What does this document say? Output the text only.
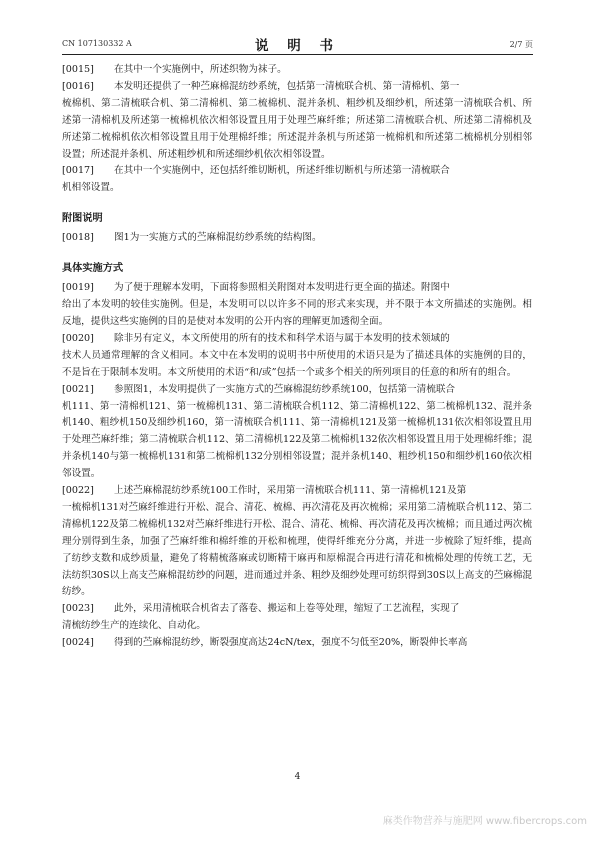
CN 107130332 A	说 明 书	2/7 页
[0015]	在其中一个实施例中，所述织物为袜子。
[0016]	本发明还提供了一种苎麻棉混纺纱系统，包括第一清梳联合机、第一清棉机、第一
梳棉机、第二清梳联合机、第二清棉机、第二梳棉机、混并条机、粗纱机及细纱机，所述第一清梳联合机、所述第一清棉机及所述第一梳棉机依次相邻设置且用于处理苎麻纤维；所述第二清梳联合机、所述第二清棉机及所述第二梳棉机依次相邻设置且用于处理棉纤维；所述混并条机与所述第一梳棉机和所述第二梳棉机分别相邻设置；所述混并条机、所述粗纱机和所述细纱机依次相邻设置。
[0017]	在其中一个实施例中，还包括纤维切断机，所述纤维切断机与所述第一清梳联合
机相邻设置。
附图说明
[0018]	图1为一实施方式的苎麻棉混纺纱系统的结构图。
具体实施方式
[0019]	为了便于理解本发明，下面将参照相关附图对本发明进行更全面的描述。附图中
给出了本发明的较佳实施例。但是，本发明可以以许多不同的形式来实现，并不限于本文所描述的实施例。相反地，提供这些实施例的目的是使对本发明的公开内容的理解更加透彻全面。
[0020]	除非另有定义，本文所使用的所有的技术和科学术语与属于本发明的技术领域的
技术人员通常理解的含义相同。本文中在本发明的说明书中所使用的术语只是为了描述具体的实施例的目的，不是旨在于限制本发明。本文所使用的术语“和/或”包括一个或多个相关的所列项目的任意的和所有的组合。
[0021]	参照图1，本发明提供了一实施方式的苎麻棉混纺纱系统100，包括第一清梳联合
机111、第一清棉机121、第一梳棉机131、第二清梳联合机112、第二清棉机122、第二梳棉机132、混并条机140、粗纱机150及细纱机160，第一清梳联合机111、第一清棉机121及第一梳棉机131依次相邻设置且用于处理苎麻纤维；第二清梳联合机112、第二清棉机122及第二梳棉机132依次相邻设置且用于处理棉纤维；混并条机140与第一梳棉机131和第二梳棉机132分别相邻设置；混并条机140、粗纱机150和细纱机160依次相邻设置。
[0022]	上述苎麻棉混纺纱系统100工作时，采用第一清梳联合机111、第一清棉机121及第
一梳棉机131对苎麻纤维进行开松、混合、清花、梳棉、再次清花及再次梳棉；采用第二清梳联合机112、第二清棉机122及第二梳棉机132对苎麻纤维进行开松、混合、清花、梳棉、再次清花及再次梳棉；而且通过两次梳理分别得到生条，加强了苎麻纤维和棉纤维的开松和梳理，使得纤维充分分离，并进一步梳除了短纤维，提高了纺纱支数和成纱质量，避免了将精梳落麻或切断精干麻再和原棉混合再进行清花和梳棉处理的传统工艺，无法纺织30S以上高支苎麻棉混纺纱的问题，进而通过并条、粗纱及细纱处理可纺织得到30S以上高支的苎麻棉混纺纱。
[0023]	此外，采用清梳联合机省去了落卷、搬运和上卷等处理，缩短了工艺流程，实现了
清梳纺纱生产的连续化、自动化。
[0024]	得到的苎麻棉混纺纱，断裂强度高达24cN/tex，强度不匀低至20%，断裂伸长率高
4
麻类作物营养与施肥网 www.fibercrops.com
